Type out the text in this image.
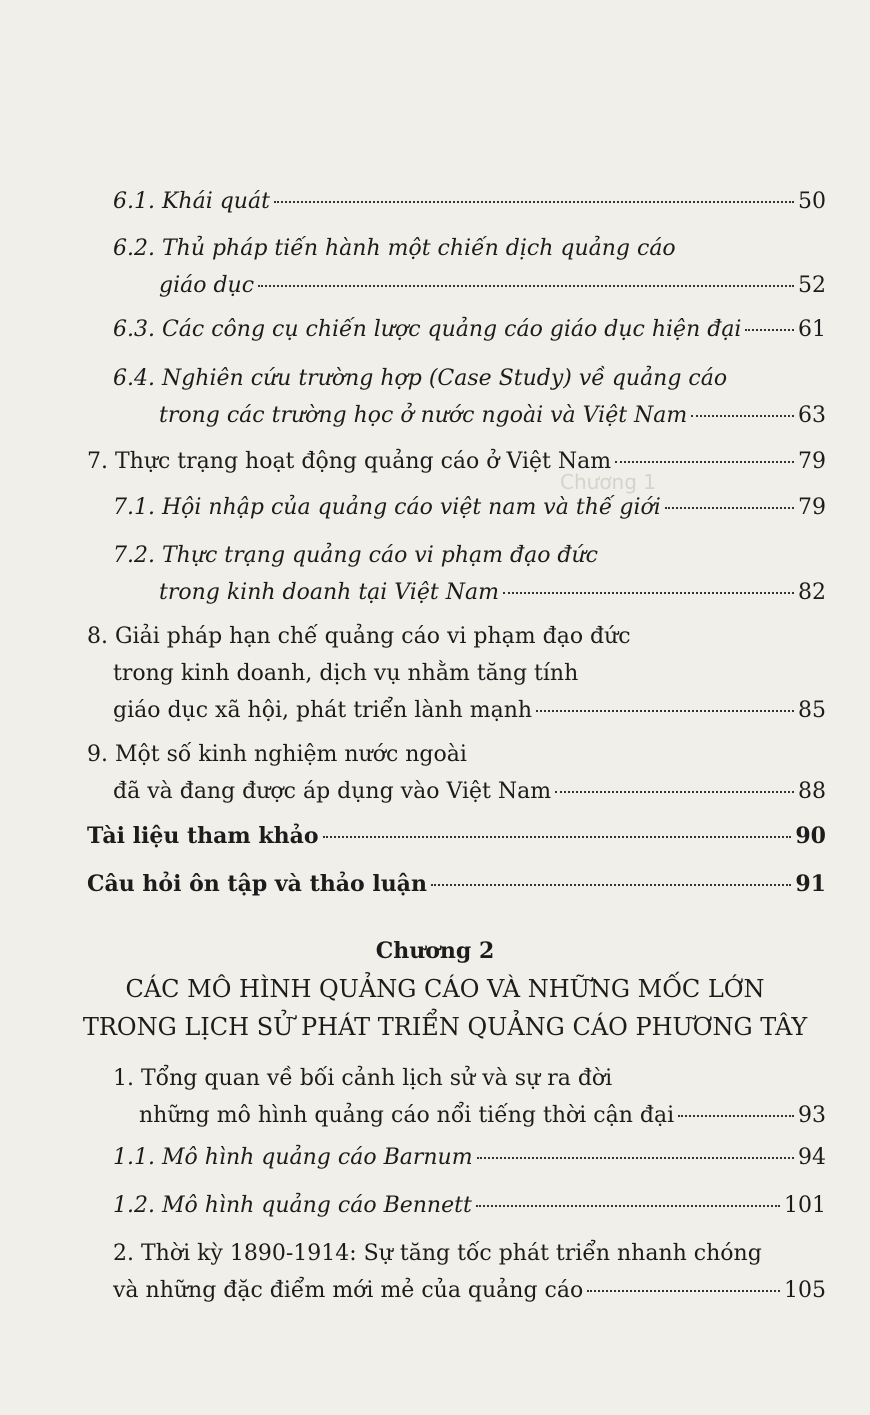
Chương 1
6.1. Khái quát	50
6.2. Thủ pháp tiến hành một chiến dịch quảng cáo
giáo dục	52
6.3. Các công cụ chiến lược quảng cáo giáo dục hiện đại	61
6.4. Nghiên cứu trường hợp (Case Study) về quảng cáo
trong các trường học ở nước ngoài và Việt Nam	63
7. Thực trạng hoạt động quảng cáo ở Việt Nam	79
7.1. Hội nhập của quảng cáo việt nam và thế giới	79
7.2. Thực trạng quảng cáo vi phạm đạo đức
trong kinh doanh tại Việt Nam	82
8. Giải pháp hạn chế quảng cáo vi phạm đạo đức
trong kinh doanh, dịch vụ nhằm tăng tính
giáo dục xã hội, phát triển lành mạnh	85
9. Một số kinh nghiệm nước ngoài
đã và đang được áp dụng vào Việt Nam	88
Tài liệu tham khảo	90
Câu hỏi ôn tập và thảo luận	91
Chương 2
CÁC MÔ HÌNH QUẢNG CÁO VÀ NHỮNG MỐC LỚN
TRONG LỊCH SỬ PHÁT TRIỂN QUẢNG CÁO PHƯƠNG TÂY
1. Tổng quan về bối cảnh lịch sử và sự ra đời
những mô hình quảng cáo nổi tiếng thời cận đại	93
1.1. Mô hình quảng cáo Barnum	94
1.2. Mô hình quảng cáo Bennett	101
2. Thời kỳ 1890-1914: Sự tăng tốc phát triển nhanh chóng
và những đặc điểm mới mẻ của quảng cáo	105
